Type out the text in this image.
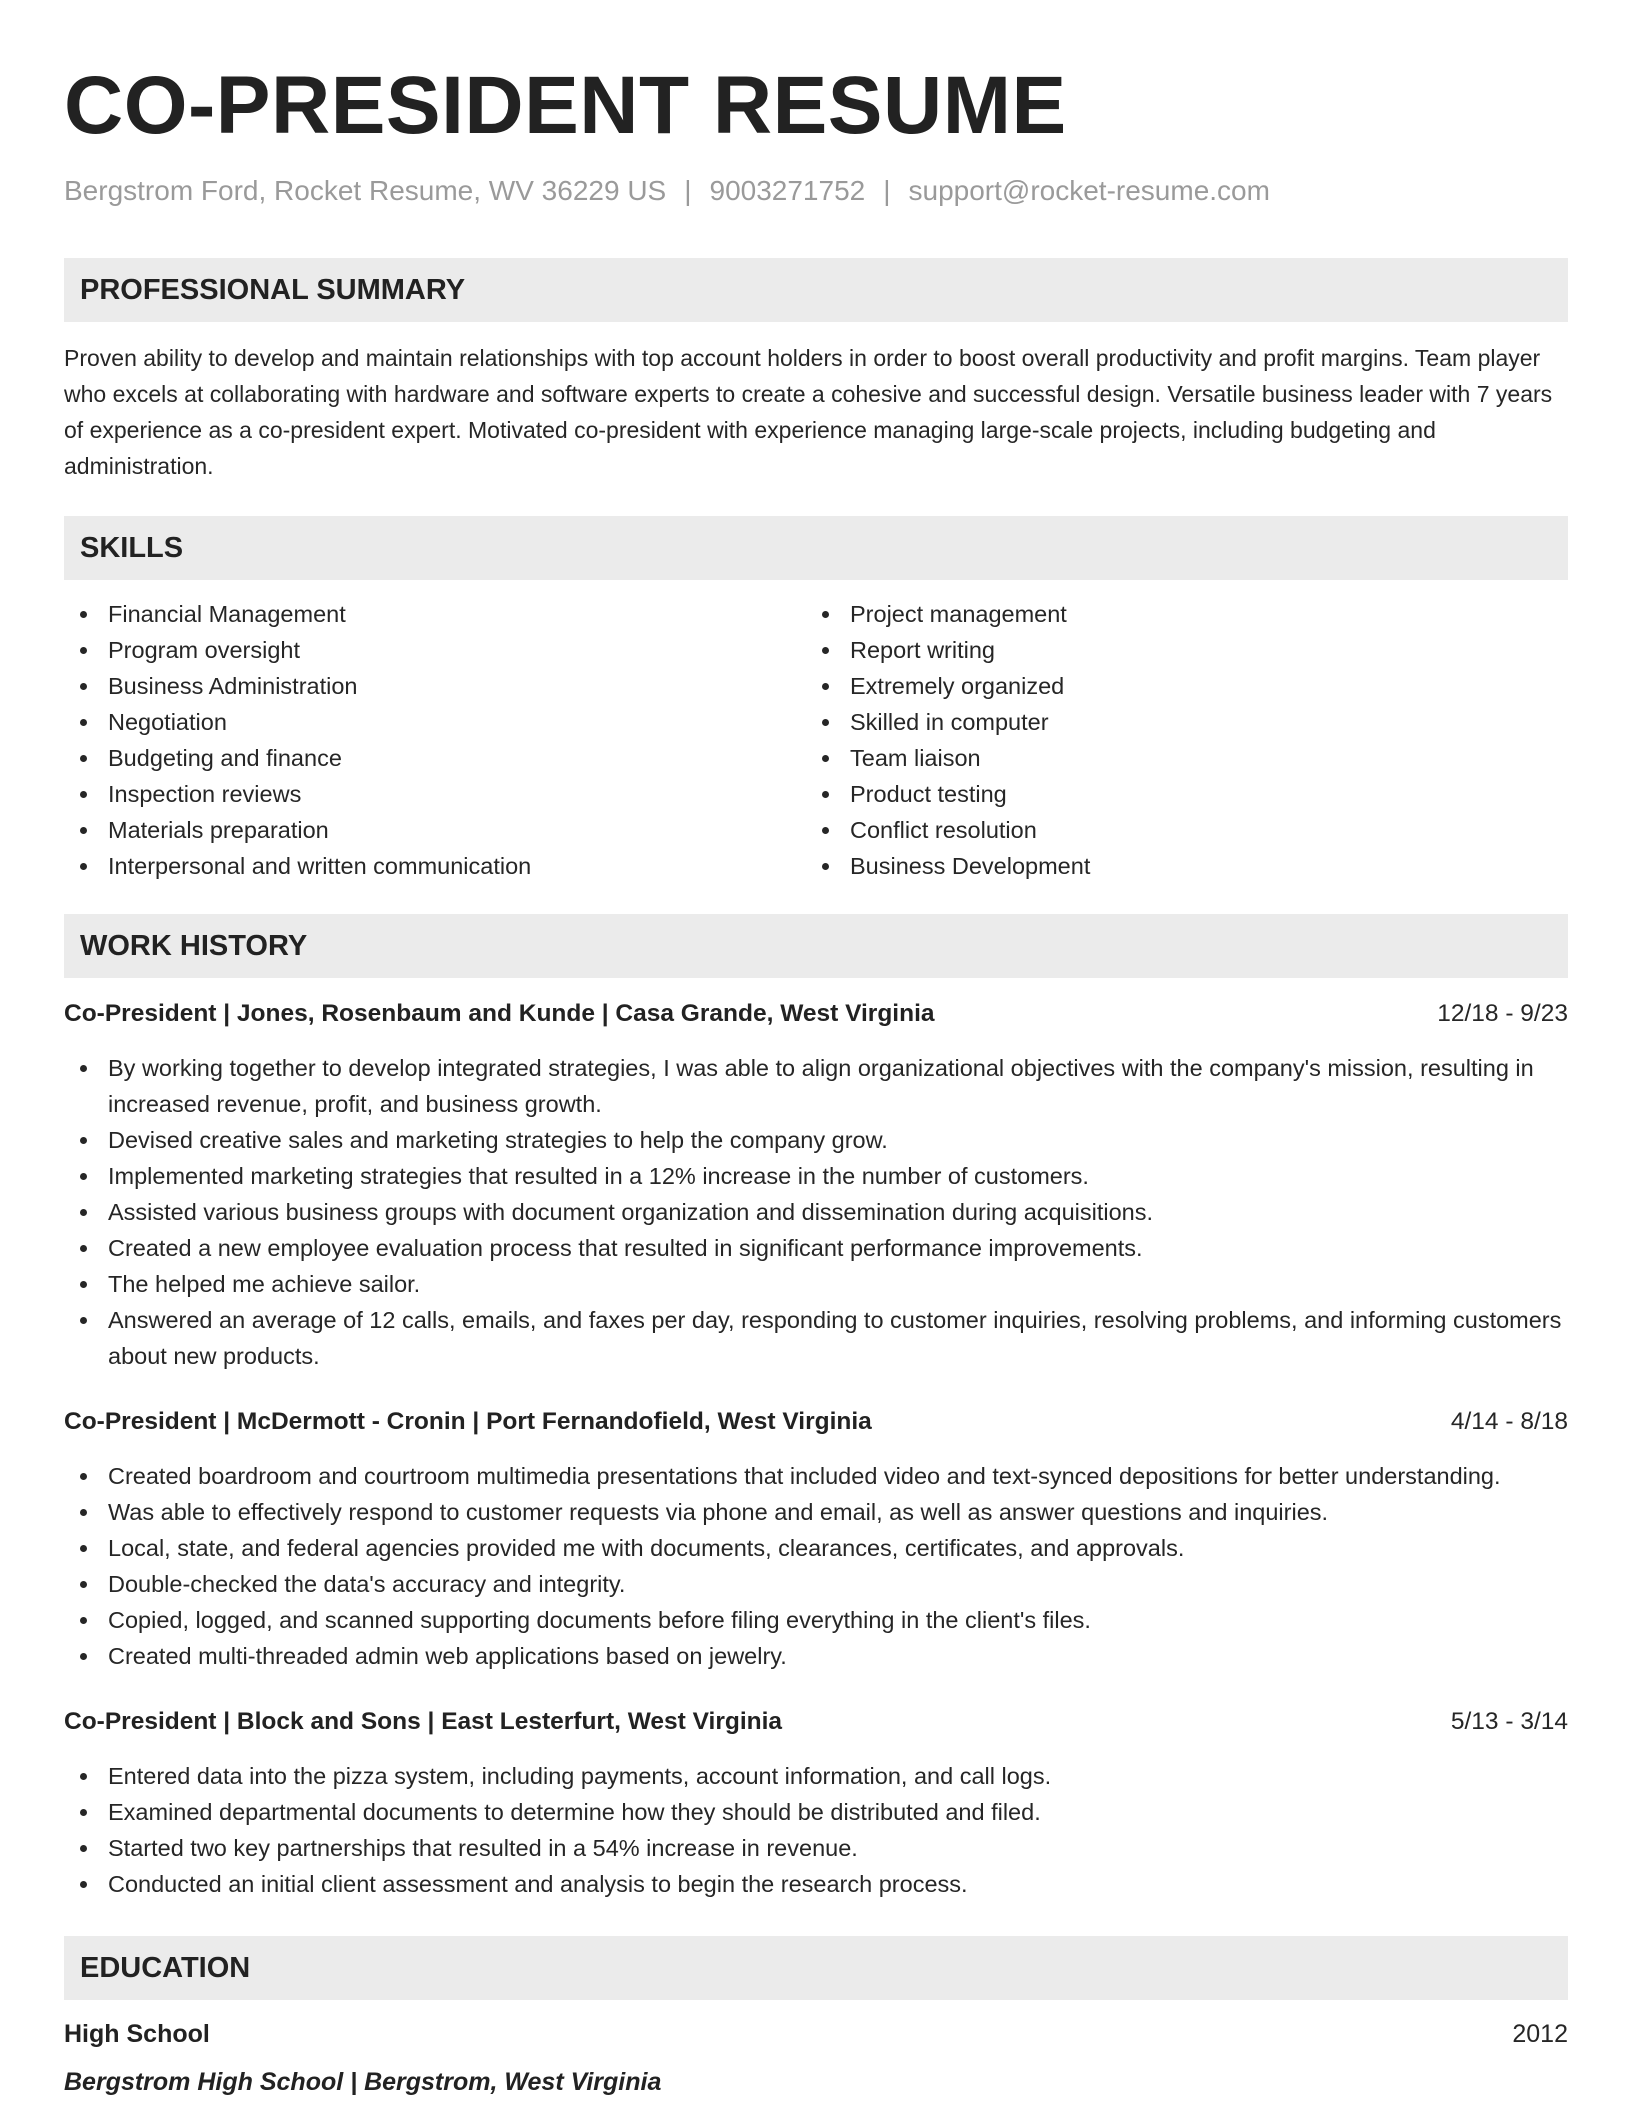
CO-PRESIDENT RESUME
Bergstrom Ford, Rocket Resume, WV 36229 US | 9003271752 | support@rocket-resume.com
PROFESSIONAL SUMMARY

Proven ability to develop and maintain relationships with top account holders in order to boost overall productivity and profit margins. Team player who excels at collaborating with hardware and software experts to create a cohesive and successful design. Versatile business leader with 7 years of experience as a co-president expert. Motivated co-president with experience managing large-scale projects, including budgeting and administration.

SKILLS
Financial Management
Program oversight
Business Administration
Negotiation
Budgeting and finance
Inspection reviews
Materials preparation
Interpersonal and written communication
Project management
Report writing
Extremely organized
Skilled in computer
Team liaison
Product testing
Conflict resolution
Business Development
WORK HISTORY
Co-President | Jones, Rosenbaum and Kunde | Casa Grande, West Virginia	12/18 - 9/23
By working together to develop integrated strategies, I was able to align organizational objectives with the company's mission, resulting in increased revenue, profit, and business growth.
Devised creative sales and marketing strategies to help the company grow.
Implemented marketing strategies that resulted in a 12% increase in the number of customers.
Assisted various business groups with document organization and dissemination during acquisitions.
Created a new employee evaluation process that resulted in significant performance improvements.
The helped me achieve sailor.
Answered an average of 12 calls, emails, and faxes per day, responding to customer inquiries, resolving problems, and informing customers about new products.
Co-President | McDermott - Cronin | Port Fernandofield, West Virginia	4/14 - 8/18
Created boardroom and courtroom multimedia presentations that included video and text-synced depositions for better understanding.
Was able to effectively respond to customer requests via phone and email, as well as answer questions and inquiries.
Local, state, and federal agencies provided me with documents, clearances, certificates, and approvals.
Double-checked the data's accuracy and integrity.
Copied, logged, and scanned supporting documents before filing everything in the client's files.
Created multi-threaded admin web applications based on jewelry.
Co-President | Block and Sons | East Lesterfurt, West Virginia	5/13 - 3/14
Entered data into the pizza system, including payments, account information, and call logs.
Examined departmental documents to determine how they should be distributed and filed.
Started two key partnerships that resulted in a 54% increase in revenue.
Conducted an initial client assessment and analysis to begin the research process.
EDUCATION
High School	2012
Bergstrom High School | Bergstrom, West Virginia
